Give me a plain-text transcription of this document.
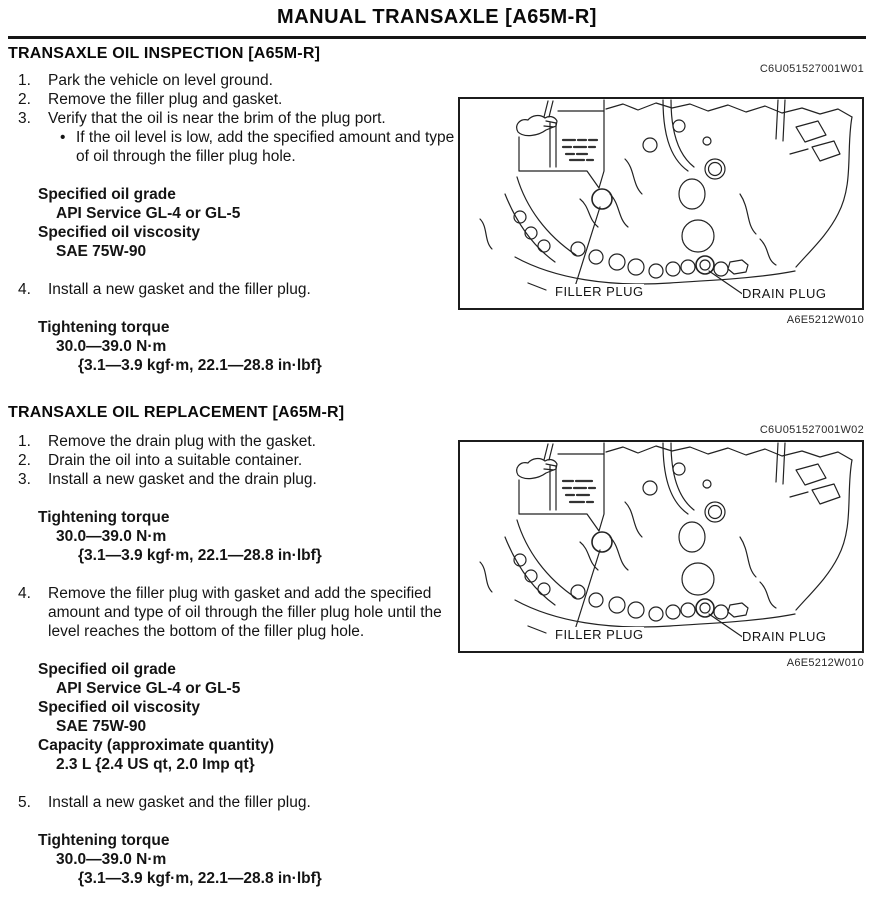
MANUAL TRANSAXLE [A65M-R]
TRANSAXLE OIL INSPECTION [A65M-R]
1.	Park the vehicle on level ground.
2.	Remove the filler plug and gasket.
3.	Verify that the oil is near the brim of the plug port.
• If the oil level is low, add the specified amount and type of oil through the filler plug hole.
Specified oil grade
API Service GL-4 or GL-5
Specified oil viscosity
SAE 75W-90
4.	Install a new gasket and the filler plug.
Tightening torque
30.0—39.0 N·m
{3.1—3.9 kgf·m, 22.1—28.8 in·lbf}
TRANSAXLE OIL REPLACEMENT [A65M-R]
1.	Remove the drain plug with the gasket.
2.	Drain the oil into a suitable container.
3.	Install a new gasket and the drain plug.
Tightening torque
30.0—39.0 N·m
{3.1—3.9 kgf·m, 22.1—28.8 in·lbf}
4.	Remove the filler plug with gasket and add the specified amount and type of oil through the filler plug hole until the level reaches the bottom of the filler plug hole.
Specified oil grade
API Service GL-4 or GL-5
Specified oil viscosity
SAE 75W-90
Capacity (approximate quantity)
2.3 L {2.4 US qt, 2.0 Imp qt}
5.	Install a new gasket and the filler plug.
Tightening torque
30.0—39.0 N·m
{3.1—3.9 kgf·m, 22.1—28.8 in·lbf}
C6U051527001W01
FILLER PLUG	DRAIN PLUG
A6E5212W010
C6U051527001W02
FILLER PLUG	DRAIN PLUG
A6E5212W010
